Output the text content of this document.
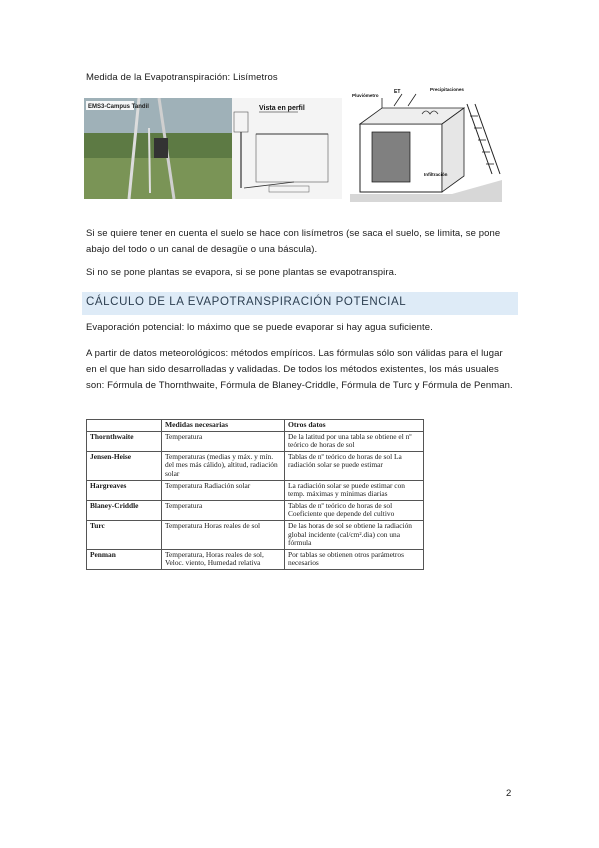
Medida de la Evapotranspiración: Lisímetros
EMS3-Campus Tandil	Vista en perfil
Pluviómetro
ET	Precipitaciones
Infiltración
Si se quiere tener en cuenta el suelo se hace con lisímetros (se saca el suelo, se limita, se pone abajo del todo o un canal de desagüe o una báscula).
Si no se pone plantas se evapora, si se pone plantas se evapotranspira.
CÁLCULO DE LA EVAPOTRANSPIRACIÓN POTENCIAL
Evaporación potencial: lo máximo que se puede evaporar si hay agua suficiente.
A partir de datos meteorológicos: métodos empíricos. Las fórmulas sólo son válidas para el lugar en el que han sido desarrolladas y validadas. De todos los métodos existentes, los más usuales son: Fórmula de Thornthwaite, Fórmula de Blaney-Criddle, Fórmula de Turc y Fórmula de Penman.
	Medidas necesarias	Otros datos
Thornthwaite	Temperatura	De la latitud por una tabla se obtiene el nº teórico de horas de sol
Jensen-Heise	Temperaturas (medias y máx. y mín. del mes más cálido), altitud, radiación solar	Tablas de nº teórico de horas de sol La radiación solar se puede estimar
Hargreaves	Temperatura Radiación solar	La radiación solar se puede estimar con temp. máximas y mínimas diarias
Blaney-Criddle	Temperatura	Tablas de nº teórico de horas de sol Coeficiente que depende del cultivo
Turc	Temperatura Horas reales de sol	De las horas de sol se obtiene la radiación global incidente (cal/cm².dia) con una fórmula
Penman	Temperatura, Horas reales de sol, Veloc. viento, Humedad relativa	Por tablas se obtienen otros parámetros necesarios
2
